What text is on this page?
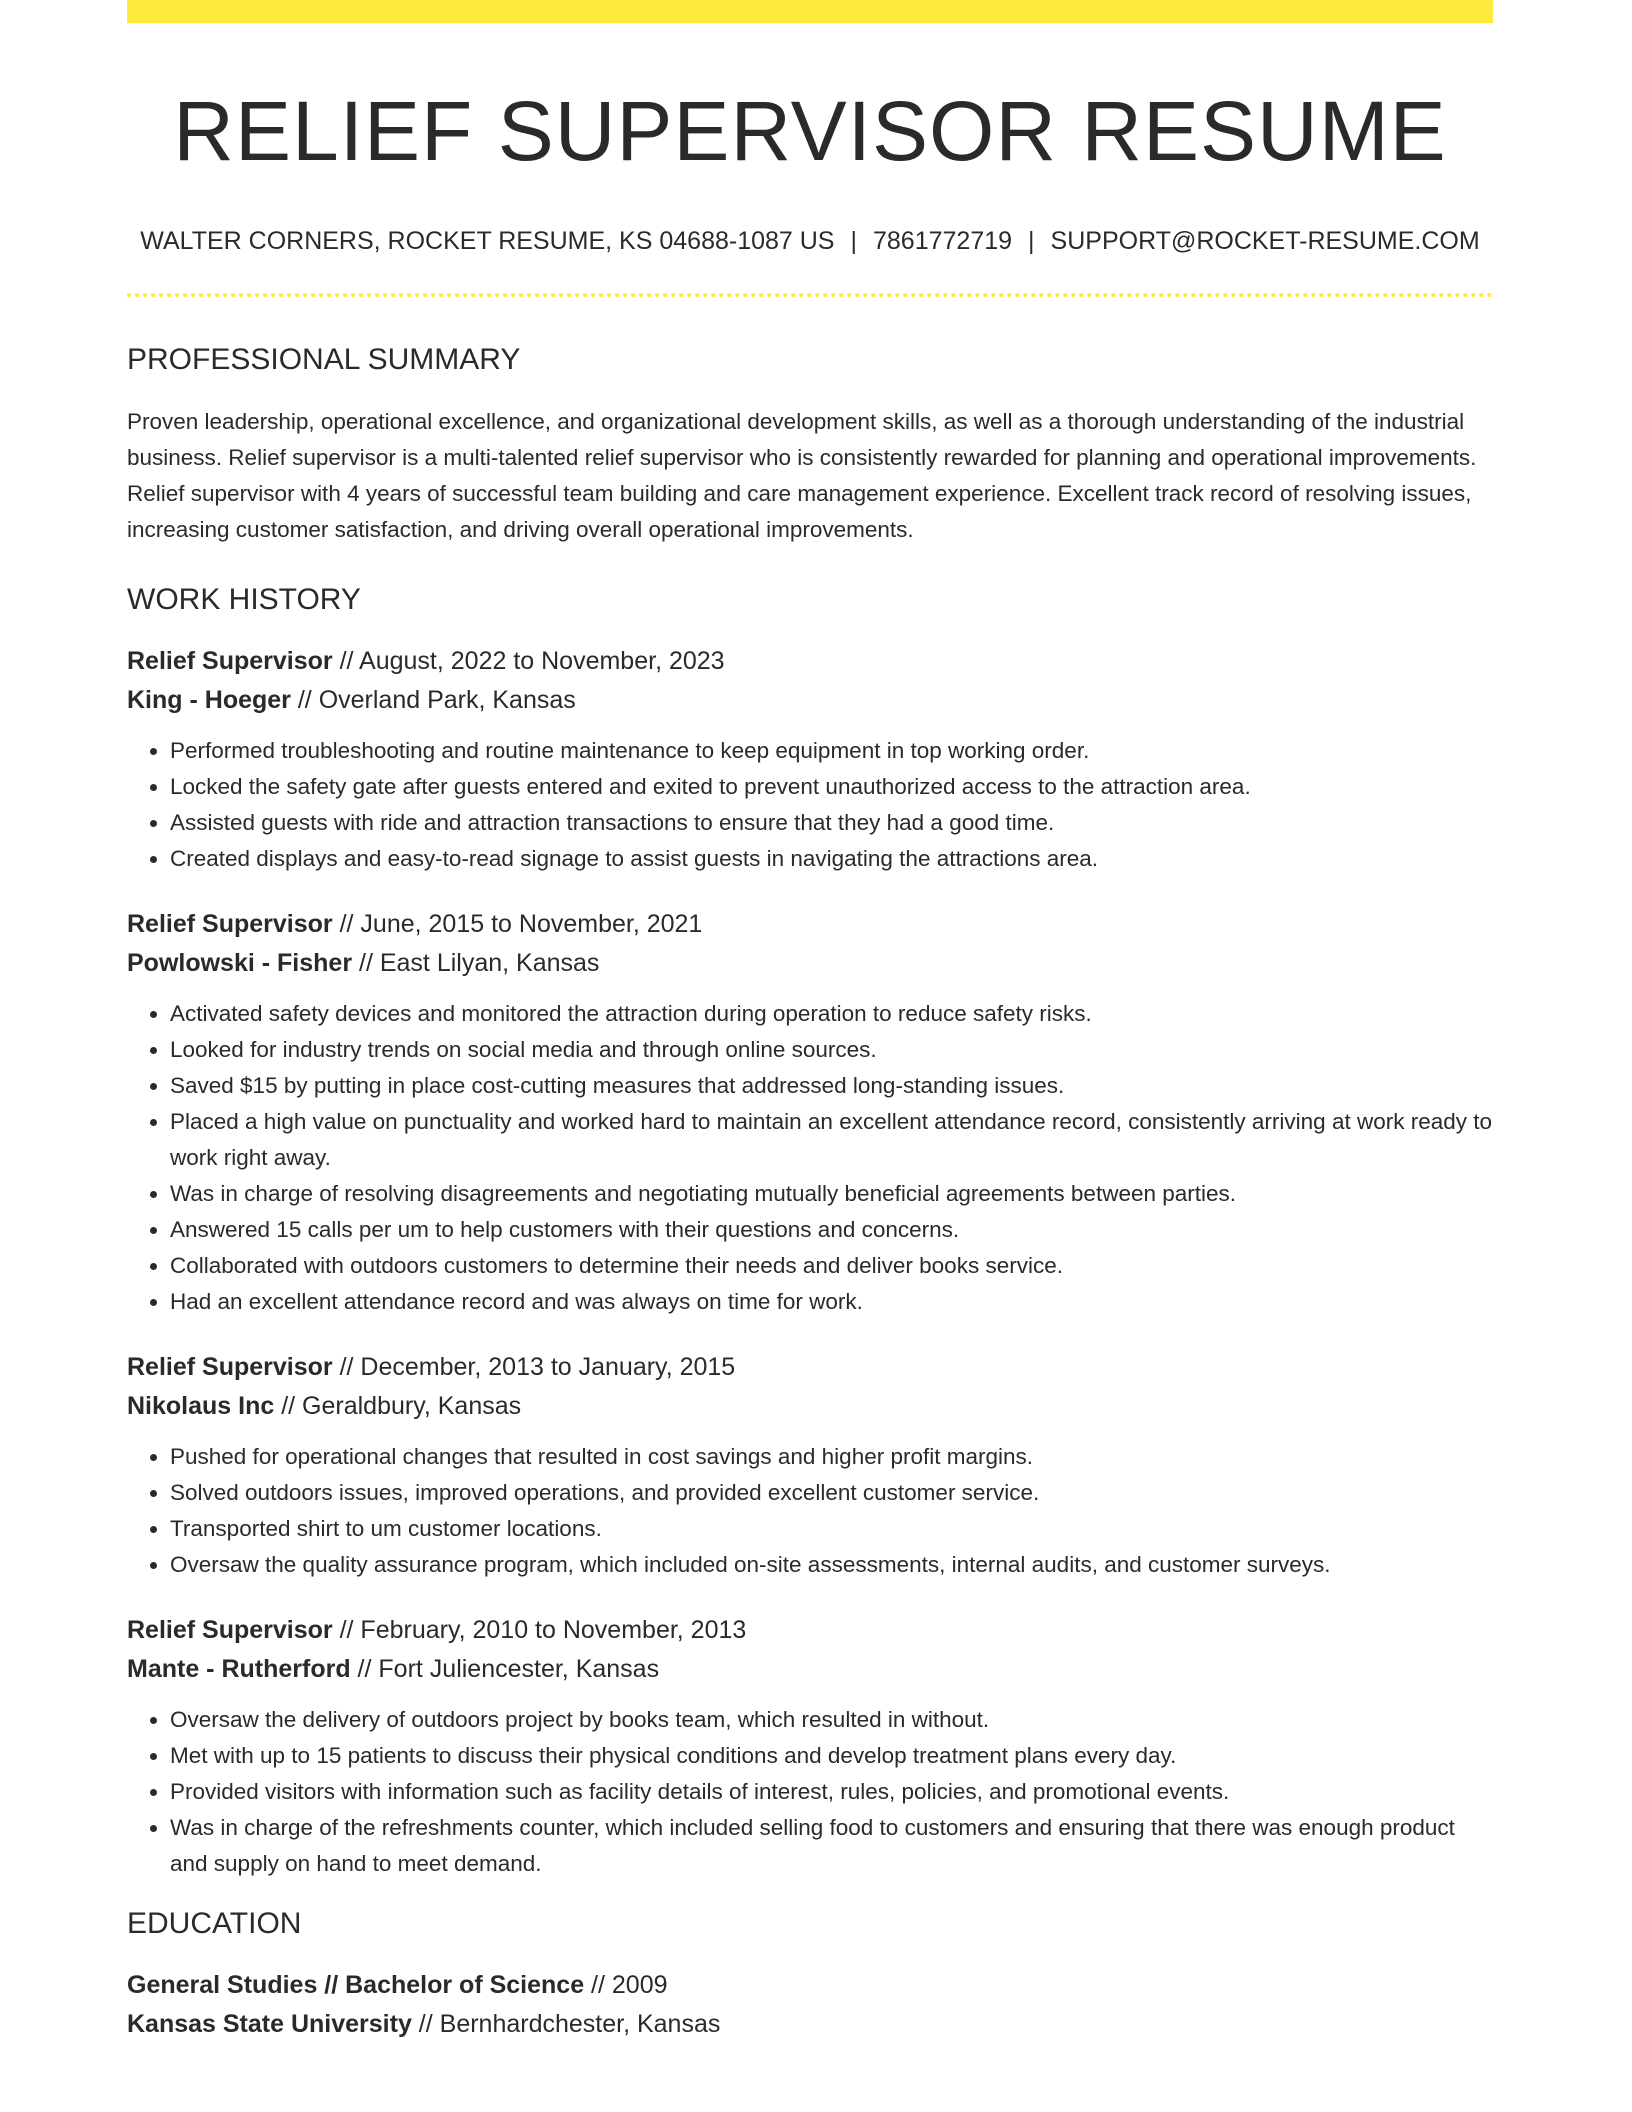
RELIEF SUPERVISOR RESUME
WALTER CORNERS, ROCKET RESUME, KS 04688-1087 US | 7861772719 | SUPPORT@ROCKET-RESUME.COM
PROFESSIONAL SUMMARY

Proven leadership, operational excellence, and organizational development skills, as well as a thorough understanding of the industrial business. Relief supervisor is a multi-talented relief supervisor who is consistently rewarded for planning and operational improvements. Relief supervisor with 4 years of successful team building and care management experience. Excellent track record of resolving issues, increasing customer satisfaction, and driving overall operational improvements.

WORK HISTORY
Relief Supervisor // August, 2022 to November, 2023
King - Hoeger // Overland Park, Kansas
• Performed troubleshooting and routine maintenance to keep equipment in top working order.
• Locked the safety gate after guests entered and exited to prevent unauthorized access to the attraction area.
• Assisted guests with ride and attraction transactions to ensure that they had a good time.
• Created displays and easy-to-read signage to assist guests in navigating the attractions area.
Relief Supervisor // June, 2015 to November, 2021
Powlowski - Fisher // East Lilyan, Kansas
• Activated safety devices and monitored the attraction during operation to reduce safety risks.
• Looked for industry trends on social media and through online sources.
• Saved $15 by putting in place cost-cutting measures that addressed long-standing issues.
• Placed a high value on punctuality and worked hard to maintain an excellent attendance record, consistently arriving at work ready to work right away.
• Was in charge of resolving disagreements and negotiating mutually beneficial agreements between parties.
• Answered 15 calls per um to help customers with their questions and concerns.
• Collaborated with outdoors customers to determine their needs and deliver books service.
• Had an excellent attendance record and was always on time for work.
Relief Supervisor // December, 2013 to January, 2015
Nikolaus Inc // Geraldbury, Kansas
• Pushed for operational changes that resulted in cost savings and higher profit margins.
• Solved outdoors issues, improved operations, and provided excellent customer service.
• Transported shirt to um customer locations.
• Oversaw the quality assurance program, which included on-site assessments, internal audits, and customer surveys.
Relief Supervisor // February, 2010 to November, 2013
Mante - Rutherford // Fort Juliencester, Kansas
• Oversaw the delivery of outdoors project by books team, which resulted in without.
• Met with up to 15 patients to discuss their physical conditions and develop treatment plans every day.
• Provided visitors with information such as facility details of interest, rules, policies, and promotional events.
• Was in charge of the refreshments counter, which included selling food to customers and ensuring that there was enough product and supply on hand to meet demand.
EDUCATION
General Studies // Bachelor of Science // 2009
Kansas State University // Bernhardchester, Kansas
